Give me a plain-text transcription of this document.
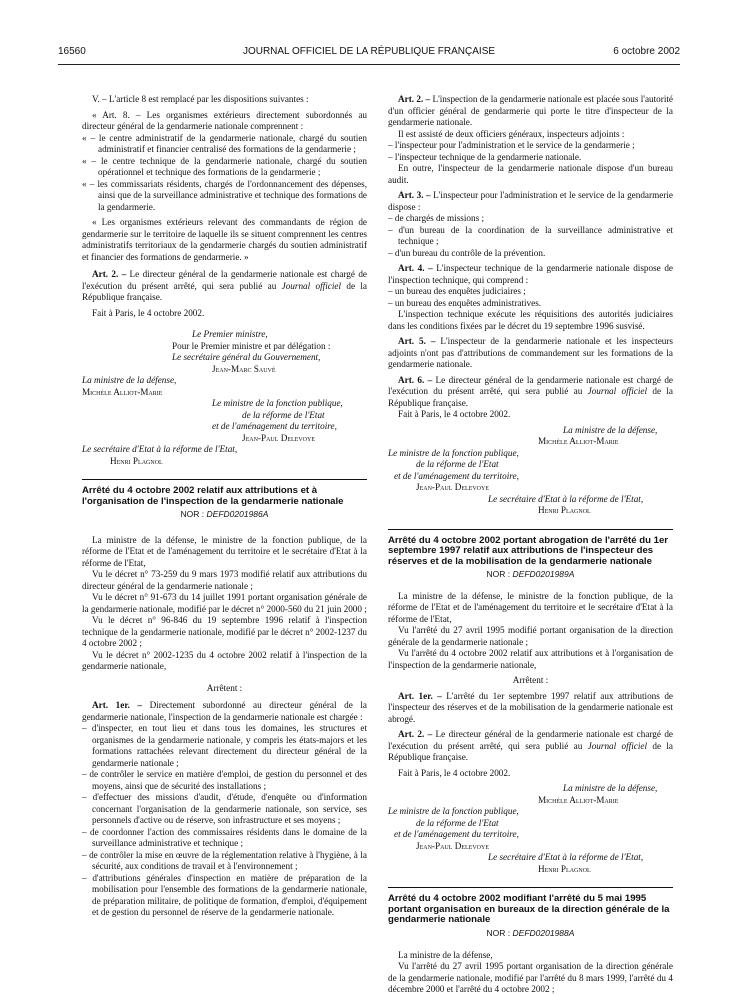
16560	JOURNAL OFFICIEL DE LA RÉPUBLIQUE FRANÇAISE	6 octobre 2002

V. – L'article 8 est remplacé par les dispositions suivantes :

« Art. 8. – Les organismes extérieurs directement subordonnés au directeur général de la gendarmerie nationale comprennent :

« – le centre administratif de la gendarmerie nationale, chargé du soutien administratif et financier centralisé des formations de la gendarmerie ;

« – le centre technique de la gendarmerie nationale, chargé du soutien opérationnel et technique des formations de la gendarmerie ;

« – les commissariats résidents, chargés de l'ordonnancement des dépenses, ainsi que de la surveillance administrative et technique des formations de la gendarmerie.

« Les organismes extérieurs relevant des commandants de région de gendarmerie sur le territoire de laquelle ils se situent comprennent les centres administratifs territoriaux de la gendarmerie chargés du soutien administratif et financier des formations de gendarmerie. »

Art. 2. – Le directeur général de la gendarmerie nationale est chargé de l'exécution du présent arrêté, qui sera publié au Journal officiel de la République française.

Fait à Paris, le 4 octobre 2002.

Le Premier ministre,

Pour le Premier ministre et par délégation :

Le secrétaire général du Gouvernement,

Jean-Marc Sauvé

La ministre de la défense,

Michèle Alliot-Marie

Le ministre de la fonction publique,

de la réforme de l'Etat

et de l'aménagement du territoire,

Jean-Paul Delevoye

Le secrétaire d'Etat à la réforme de l'Etat,

Henri Plagnol

Arrêté du 4 octobre 2002 relatif aux attributions et à l'organisation de l'inspection de la gendarmerie nationale

NOR : DEFD0201986A

La ministre de la défense, le ministre de la fonction publique, de la réforme de l'Etat et de l'aménagement du territoire et le secrétaire d'Etat à la réforme de l'Etat,

Vu le décret n° 73-259 du 9 mars 1973 modifié relatif aux attributions du directeur général de la gendarmerie nationale ;

Vu le décret n° 91-673 du 14 juillet 1991 portant organisation générale de la gendarmerie nationale, modifié par le décret n° 2000-560 du 21 juin 2000 ;

Vu le décret n° 96-846 du 19 septembre 1996 relatif à l'inspection technique de la gendarmerie nationale, modifié par le décret n° 2002-1237 du 4 octobre 2002 ;

Vu le décret n° 2002-1235 du 4 octobre 2002 relatif à l'inspection de la gendarmerie nationale,

Arrêtent :

Art. 1er. – Directement subordonné au directeur général de la gendarmerie nationale, l'inspection de la gendarmerie nationale est chargée :

– d'inspecter, en tout lieu et dans tous les domaines, les structures et organismes de la gendarmerie nationale, y compris les états-majors et les formations rattachées relevant directement du directeur général de la gendarmerie nationale ;

– de contrôler le service en matière d'emploi, de gestion du personnel et des moyens, ainsi que de sécurité des installations ;

– d'effectuer des missions d'audit, d'étude, d'enquête ou d'information concernant l'organisation de la gendarmerie nationale, son service, ses personnels d'active ou de réserve, son infrastructure et ses moyens ;

– de coordonner l'action des commissaires résidents dans le domaine de la surveillance administrative et technique ;

– de contrôler la mise en œuvre de la réglementation relative à l'hygiène, à la sécurité, aux conditions de travail et à l'environnement ;

– d'attributions générales d'inspection en matière de préparation de la mobilisation pour l'ensemble des formations de la gendarmerie nationale, de préparation militaire, de politique de formation, d'emploi, d'équipement et de gestion du personnel de réserve de la gendarmerie nationale.

Art. 2. – L'inspection de la gendarmerie nationale est placée sous l'autorité d'un officier général de gendarmerie qui porte le titre d'inspecteur de la gendarmerie nationale.

Il est assisté de deux officiers généraux, inspecteurs adjoints :

– l'inspecteur pour l'administration et le service de la gendarmerie ;

– l'inspecteur technique de la gendarmerie nationale.

En outre, l'inspecteur de la gendarmerie nationale dispose d'un bureau audit.

Art. 3. – L'inspecteur pour l'administration et le service de la gendarmerie dispose :

– de chargés de missions ;

– d'un bureau de la coordination de la surveillance administrative et technique ;

– d'un bureau du contrôle de la prévention.

Art. 4. – L'inspecteur technique de la gendarmerie nationale dispose de l'inspection technique, qui comprend :

– un bureau des enquêtes judiciaires ;

– un bureau des enquêtes administratives.

L'inspection technique exécute les réquisitions des autorités judiciaires dans les conditions fixées par le décret du 19 septembre 1996 susvisé.

Art. 5. – L'inspecteur de la gendarmerie nationale et les inspecteurs adjoints n'ont pas d'attributions de commandement sur les formations de la gendarmerie nationale.

Art. 6. – Le directeur général de la gendarmerie nationale est chargé de l'exécution du présent arrêté, qui sera publié au Journal officiel de la République française.

Fait à Paris, le 4 octobre 2002.

La ministre de la défense,

Michèle Alliot-Marie

Le ministre de la fonction publique,

de la réforme de l'Etat

et de l'aménagement du territoire,

Jean-Paul Delevoye

Le secrétaire d'Etat à la réforme de l'Etat,

Henri Plagnol

Arrêté du 4 octobre 2002 portant abrogation de l'arrêté du 1er septembre 1997 relatif aux attributions de l'inspecteur des réserves et de la mobilisation de la gendarmerie nationale

NOR : DEFD0201989A

La ministre de la défense, le ministre de la fonction publique, de la réforme de l'Etat et de l'aménagement du territoire et le secrétaire d'Etat à la réforme de l'Etat,

Vu l'arrêté du 27 avril 1995 modifié portant organisation de la direction générale de la gendarmerie nationale ;

Vu l'arrêté du 4 octobre 2002 relatif aux attributions et à l'organisation de l'inspection de la gendarmerie nationale,

Arrêtent :

Art. 1er. – L'arrêté du 1er septembre 1997 relatif aux attributions de l'inspecteur des réserves et de la mobilisation de la gendarmerie nationale est abrogé.

Art. 2. – Le directeur général de la gendarmerie nationale est chargé de l'exécution du présent arrêté, qui sera publié au Journal officiel de la République française.

Fait à Paris, le 4 octobre 2002.

La ministre de la défense,

Michèle Alliot-Marie

Le ministre de la fonction publique,

de la réforme de l'Etat

et de l'aménagement du territoire,

Jean-Paul Delevoye

Le secrétaire d'Etat à la réforme de l'Etat,

Henri Plagnol

Arrêté du 4 octobre 2002 modifiant l'arrêté du 5 mai 1995 portant organisation en bureaux de la direction générale de la gendarmerie nationale

NOR : DEFD0201988A

La ministre de la défense,

Vu l'arrêté du 27 avril 1995 portant organisation de la direction générale de la gendarmerie nationale, modifié par l'arrêté du 8 mars 1999, l'arrêté du 4 décembre 2000 et l'arrêté du 4 octobre 2002 ;
